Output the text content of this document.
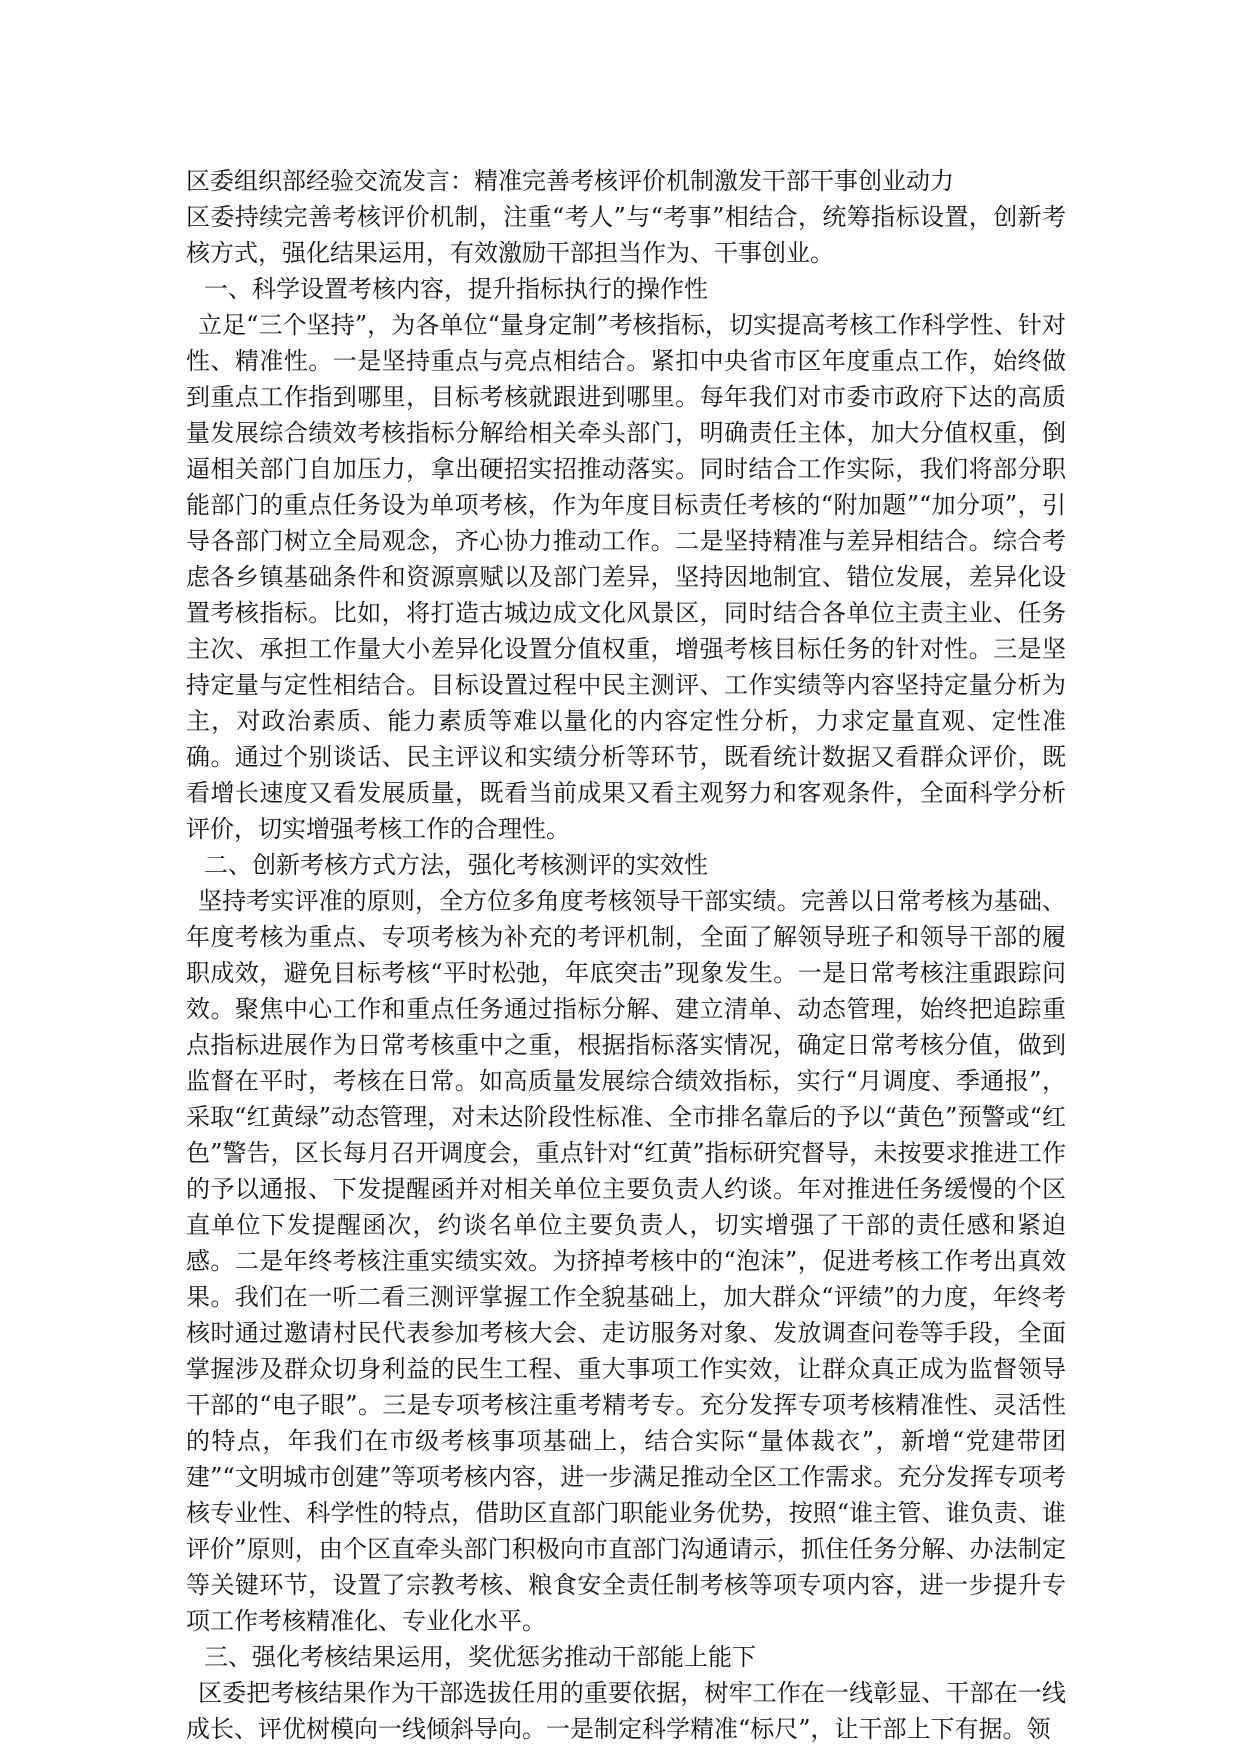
区委组织部经验交流发言：精准完善考核评价机制激发干部干事创业动力

区委持续完善考核评价机制，注重“考人”与“考事”相结合，统筹指标设置，创新考核方式，强化结果运用，有效激励干部担当作为、干事创业。

一、科学设置考核内容，提升指标执行的操作性

立足“三个坚持”，为各单位“量身定制”考核指标，切实提高考核工作科学性、针对性、精准性。一是坚持重点与亮点相结合。紧扣中央省市区年度重点工作，始终做到重点工作指到哪里，目标考核就跟进到哪里。每年我们对市委市政府下达的高质量发展综合绩效考核指标分解给相关牵头部门，明确责任主体，加大分值权重，倒逼相关部门自加压力，拿出硬招实招推动落实。同时结合工作实际，我们将部分职能部门的重点任务设为单项考核，作为年度目标责任考核的“附加题”“加分项”，引导各部门树立全局观念，齐心协力推动工作。二是坚持精准与差异相结合。综合考虑各乡镇基础条件和资源禀赋以及部门差异，坚持因地制宜、错位发展，差异化设置考核指标。比如，将打造古城边成文化风景区，同时结合各单位主责主业、任务主次、承担工作量大小差异化设置分值权重，增强考核目标任务的针对性。三是坚持定量与定性相结合。目标设置过程中民主测评、工作实绩等内容坚持定量分析为主，对政治素质、能力素质等难以量化的内容定性分析，力求定量直观、定性准确。通过个别谈话、民主评议和实绩分析等环节，既看统计数据又看群众评价，既看增长速度又看发展质量，既看当前成果又看主观努力和客观条件，全面科学分析评价，切实增强考核工作的合理性。

二、创新考核方式方法，强化考核测评的实效性

坚持考实评准的原则，全方位多角度考核领导干部实绩。完善以日常考核为基础、年度考核为重点、专项考核为补充的考评机制，全面了解领导班子和领导干部的履职成效，避免目标考核“平时松弛，年底突击”现象发生。一是日常考核注重跟踪问效。聚焦中心工作和重点任务通过指标分解、建立清单、动态管理，始终把追踪重点指标进展作为日常考核重中之重，根据指标落实情况，确定日常考核分值，做到监督在平时，考核在日常。如高质量发展综合绩效指标，实行“月调度、季通报”，采取“红黄绿”动态管理，对未达阶段性标准、全市排名靠后的予以“黄色”预警或“红色”警告，区长每月召开调度会，重点针对“红黄”指标研究督导，未按要求推进工作的予以通报、下发提醒函并对相关单位主要负责人约谈。年对推进任务缓慢的个区直单位下发提醒函次，约谈名单位主要负责人，切实增强了干部的责任感和紧迫感。二是年终考核注重实绩实效。为挤掉考核中的“泡沫”，促进考核工作考出真效果。我们在一听二看三测评掌握工作全貌基础上，加大群众“评绩”的力度，年终考核时通过邀请村民代表参加考核大会、走访服务对象、发放调查问卷等手段，全面掌握涉及群众切身利益的民生工程、重大事项工作实效，让群众真正成为监督领导干部的“电子眼”。三是专项考核注重考精考专。充分发挥专项考核精准性、灵活性的特点，年我们在市级考核事项基础上，结合实际“量体裁衣”，新增“党建带团建”“文明城市创建”等项考核内容，进一步满足推动全区工作需求。充分发挥专项考核专业性、科学性的特点，借助区直部门职能业务优势，按照“谁主管、谁负责、谁评价”原则，由个区直牵头部门积极向市直部门沟通请示，抓住任务分解、办法制定等关键环节，设置了宗教考核、粮食安全责任制考核等项专项内容，进一步提升专项工作考核精准化、专业化水平。

三、强化考核结果运用，奖优惩劣推动干部能上能下

区委把考核结果作为干部选拔任用的重要依据，树牢工作在一线彰显、干部在一线成长、评优树模向一线倾斜导向。一是制定科学精准“标尺”，让干部上下有据。领
